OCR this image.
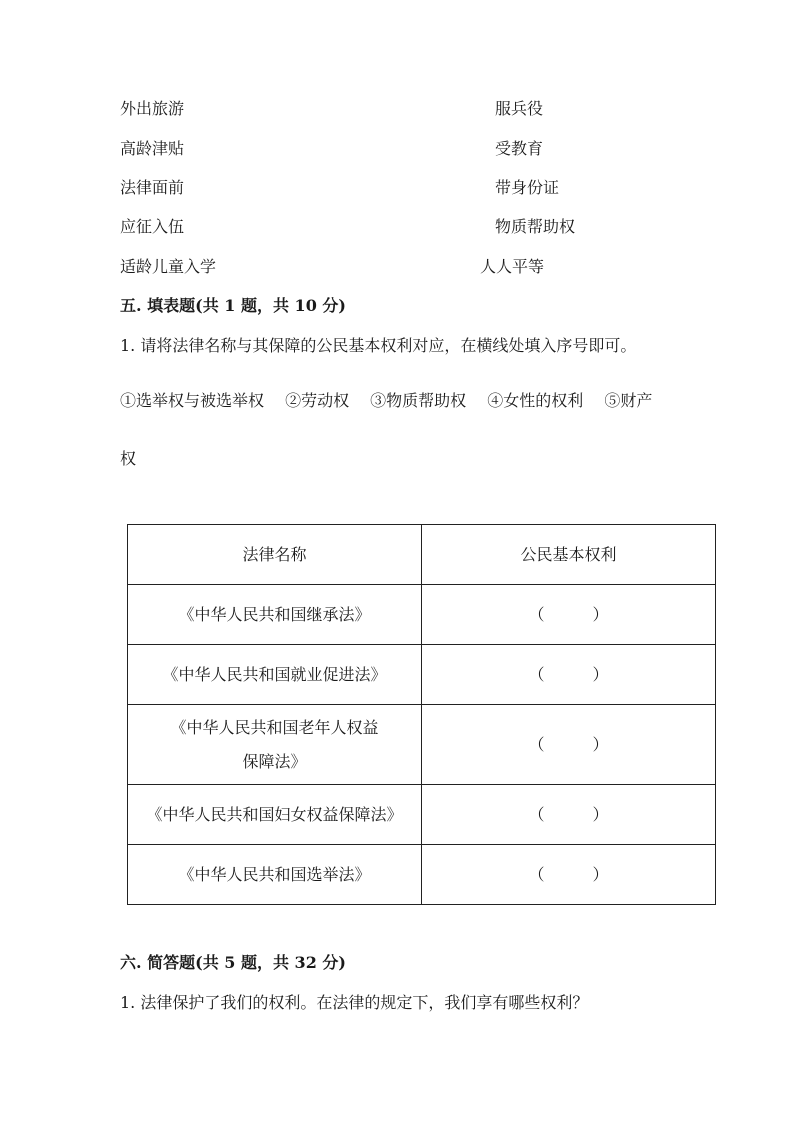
外出旅游	服兵役
高龄津贴	受教育
法律面前	带身份证
应征入伍	物质帮助权
适龄儿童入学	人人平等
五. 填表题(共 1 题，共 10 分)
1. 请将法律名称与其保障的公民基本权利对应，在横线处填入序号即可。
①选举权与被选举权　 ②劳动权　 ③物质帮助权　 ④女性的权利　 ⑤财产
权
法律名称	公民基本权利
《中华人民共和国继承法》	（　　　）
《中华人民共和国就业促进法》	（　　　）
《中华人民共和国老年人权益保障法》	（　　　）
《中华人民共和国妇女权益保障法》	（　　　）
《中华人民共和国选举法》	（　　　）
六. 简答题(共 5 题，共 32 分)
1. 法律保护了我们的权利。在法律的规定下，我们享有哪些权利？
